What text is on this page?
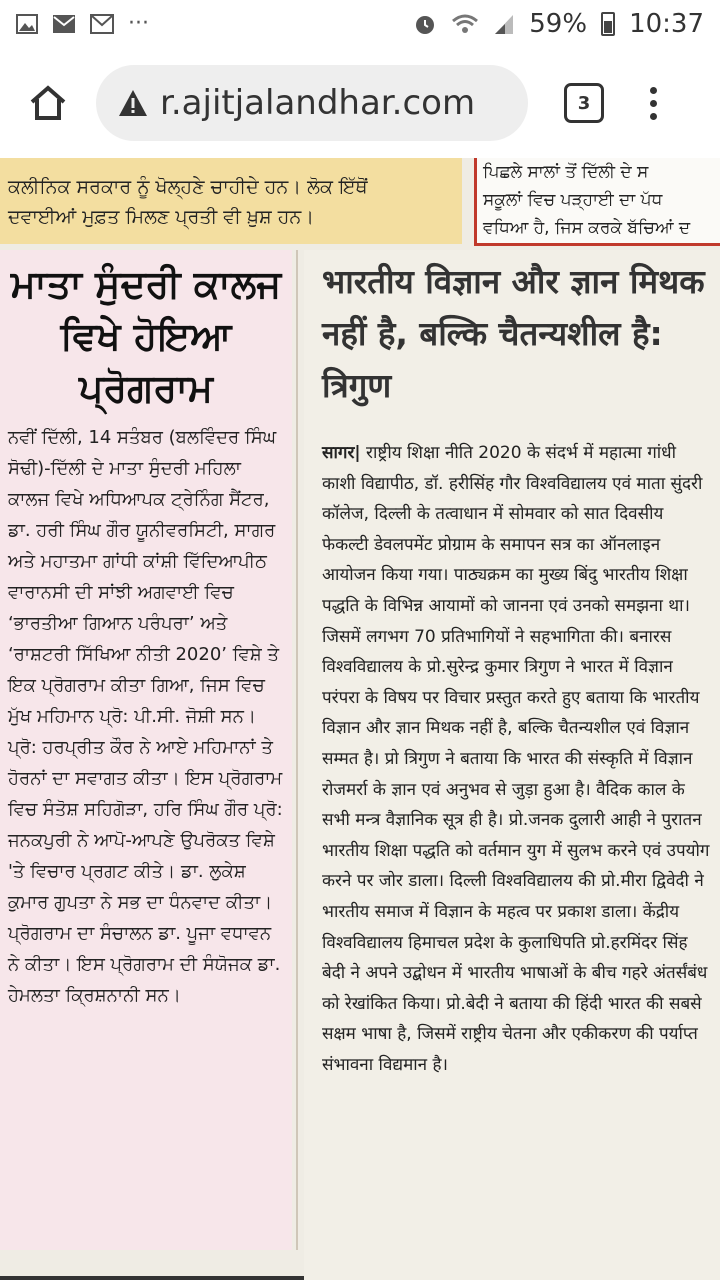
···	59% 10:37
r.ajitjalandhar.com	3
ਕਲੀਨਿਕ ਸਰਕਾਰ ਨੂੰ ਖੋਲ੍ਹਣੇ ਚਾਹੀਦੇ ਹਨ। ਲੋਕ ਇੱਥੋਂ
ਦਵਾਈਆਂ ਮੁਫ਼ਤ ਮਿਲਣ ਪ੍ਰਤੀ ਵੀ ਖ਼ੁਸ਼ ਹਨ।
ਪਿਛਲੇ ਸਾਲਾਂ ਤੋਂ ਦਿੱਲੀ ਦੇ ਸ
ਸਕੂਲਾਂ ਵਿਚ ਪੜ੍ਹਾਈ ਦਾ ਪੱਧ
ਵਧਿਆ ਹੈ, ਜਿਸ ਕਰਕੇ ਬੱਚਿਆਂ ਦ
ਮਾਤਾ ਸੁੰਦਰੀ ਕਾਲਜ ਵਿਖੇ ਹੋਇਆ ਪ੍ਰੋਗਰਾਮ
ਨਵੀਂ ਦਿੱਲੀ, 14 ਸਤੰਬਰ (ਬਲਵਿੰਦਰ ਸਿੰਘ ਸੋਢੀ)-ਦਿੱਲੀ ਦੇ ਮਾਤਾ ਸੁੰਦਰੀ ਮਹਿਲਾ ਕਾਲਜ ਵਿਖੇ ਅਧਿਆਪਕ ਟ੍ਰੇਨਿੰਗ ਸੈਂਟਰ, ਡਾ. ਹਰੀ ਸਿੰਘ ਗੌਰ ਯੂਨੀਵਰਸਿਟੀ, ਸਾਗਰ ਅਤੇ ਮਹਾਤਮਾ ਗਾਂਧੀ ਕਾਂਸ਼ੀ ਵਿੱਦਿਆਪੀਠ ਵਾਰਾਨਸੀ ਦੀ ਸਾਂਝੀ ਅਗਵਾਈ ਵਿਚ ‘ਭਾਰਤੀਆ ਗਿਆਨ ਪਰੰਪਰਾ’ ਅਤੇ ‘ਰਾਸ਼ਟਰੀ ਸਿੱਖਿਆ ਨੀਤੀ 2020’ ਵਿਸ਼ੇ ਤੇ ਇਕ ਪ੍ਰੋਗਰਾਮ ਕੀਤਾ ਗਿਆ, ਜਿਸ ਵਿਚ ਮੁੱਖ ਮਹਿਮਾਨ ਪ੍ਰੋ: ਪੀ.ਸੀ. ਜੋਸ਼ੀ ਸਨ। ਪ੍ਰੋ: ਹਰਪ੍ਰੀਤ ਕੌਰ ਨੇ ਆਏ ਮਹਿਮਾਨਾਂ ਤੇ ਹੋਰਨਾਂ ਦਾ ਸਵਾਗਤ ਕੀਤਾ। ਇਸ ਪ੍ਰੋਗਰਾਮ ਵਿਚ ਸੰਤੋਸ਼ ਸਹਿਗੋੜਾ, ਹਰਿ ਸਿੰਘ ਗੌਰ ਪ੍ਰੋ: ਜਨਕਪੁਰੀ ਨੇ ਆਪੋ-ਆਪਣੇ ਉਪਰੋਕਤ ਵਿਸ਼ੇ 'ਤੇ ਵਿਚਾਰ ਪ੍ਰਗਟ ਕੀਤੇ। ਡਾ. ਲੁਕੇਸ਼ ਕੁਮਾਰ ਗੁਪਤਾ ਨੇ ਸਭ ਦਾ ਧੰਨਵਾਦ ਕੀਤਾ। ਪ੍ਰੋਗਰਾਮ ਦਾ ਸੰਚਾਲਨ ਡਾ. ਪੂਜਾ ਵਧਾਵਨ ਨੇ ਕੀਤਾ। ਇਸ ਪ੍ਰੋਗਰਾਮ ਦੀ ਸੰਯੋਜਕ ਡਾ. ਹੇਮਲਤਾ ਕ੍ਰਿਸ਼ਨਾਨੀ ਸਨ।
भारतीय विज्ञान और ज्ञान मिथक नहीं है, बल्कि चैतन्यशील है: त्रिगुण
सागर| राष्ट्रीय शिक्षा नीति 2020 के संदर्भ में महात्मा गांधी काशी विद्यापीठ, डॉ. हरीसिंह गौर विश्वविद्यालय एवं माता सुंदरी कॉलेज, दिल्ली के तत्वाधान में सोमवार को सात दिवसीय फेकल्टी डेवलपमेंट प्रोग्राम के समापन सत्र का ऑनलाइन आयोजन किया गया। पाठ्यक्रम का मुख्य बिंदु भारतीय शिक्षा पद्धति के विभिन्न आयामों को जानना एवं उनको समझना था। जिसमें लगभग 70 प्रतिभागियों ने सहभागिता की। बनारस विश्वविद्यालय के प्रो.सुरेन्द्र कुमार त्रिगुण ने भारत में विज्ञान परंपरा के विषय पर विचार प्रस्तुत करते हुए बताया कि भारतीय विज्ञान और ज्ञान मिथक नहीं है, बल्कि चैतन्यशील एवं विज्ञान सम्मत है। प्रो त्रिगुण ने बताया कि भारत की संस्कृति में विज्ञान रोजमर्रा के ज्ञान एवं अनुभव से जुड़ा हुआ है। वैदिक काल के सभी मन्त्र वैज्ञानिक सूत्र ही है। प्रो.जनक दुलारी आही ने पुरातन भारतीय शिक्षा पद्धति को वर्तमान युग में सुलभ करने एवं उपयोग करने पर जोर डाला। दिल्ली विश्वविद्यालय की प्रो.मीरा द्विवेदी ने भारतीय समाज में विज्ञान के महत्व पर प्रकाश डाला। केंद्रीय विश्वविद्यालय हिमाचल प्रदेश के कुलाधिपति प्रो.हरमिंदर सिंह बेदी ने अपने उद्बोधन में भारतीय भाषाओं के बीच गहरे अंतर्संबंध को रेखांकित किया। प्रो.बेदी ने बताया की हिंदी भारत की सबसे सक्षम भाषा है, जिसमें राष्ट्रीय चेतना और एकीकरण की पर्याप्त संभावना विद्यमान है।
